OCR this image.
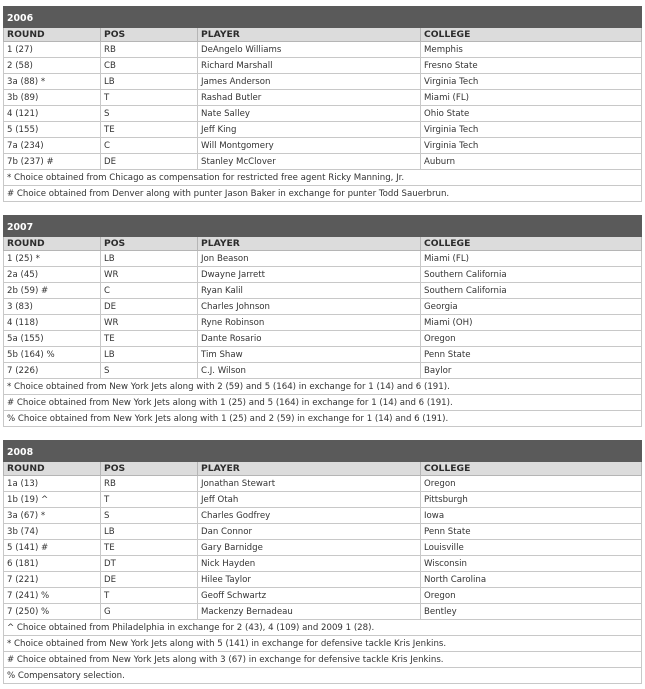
2006			
ROUND	POS	PLAYER	COLLEGE
1 (27)	RB	DeAngelo Williams	Memphis
2 (58)	CB	Richard Marshall	Fresno State
3a (88) *	LB	James Anderson	Virginia Tech
3b (89)	T	Rashad Butler	Miami (FL)
4 (121)	S	Nate Salley	Ohio State
5 (155)	TE	Jeff King	Virginia Tech
7a (234)	C	Will Montgomery	Virginia Tech
7b (237) #	DE	Stanley McClover	Auburn
* Choice obtained from Chicago as compensation for restricted free agent Ricky Manning, Jr.			
# Choice obtained from Denver along with punter Jason Baker in exchange for punter Todd Sauerbrun.			
2007			
ROUND	POS	PLAYER	COLLEGE
1 (25) *	LB	Jon Beason	Miami (FL)
2a (45)	WR	Dwayne Jarrett	Southern California
2b (59) #	C	Ryan Kalil	Southern California
3 (83)	DE	Charles Johnson	Georgia
4 (118)	WR	Ryne Robinson	Miami (OH)
5a (155)	TE	Dante Rosario	Oregon
5b (164) %	LB	Tim Shaw	Penn State
7 (226)	S	C.J. Wilson	Baylor
* Choice obtained from New York Jets along with 2 (59) and 5 (164) in exchange for 1 (14) and 6 (191).			
# Choice obtained from New York Jets along with 1 (25) and 5 (164) in exchange for 1 (14) and 6 (191).			
% Choice obtained from New York Jets along with 1 (25) and 2 (59) in exchange for 1 (14) and 6 (191).			
2008			
ROUND	POS	PLAYER	COLLEGE
1a (13)	RB	Jonathan Stewart	Oregon
1b (19) ^	T	Jeff Otah	Pittsburgh
3a (67) *	S	Charles Godfrey	Iowa
3b (74)	LB	Dan Connor	Penn State
5 (141) #	TE	Gary Barnidge	Louisville
6 (181)	DT	Nick Hayden	Wisconsin
7 (221)	DE	Hilee Taylor	North Carolina
7 (241) %	T	Geoff Schwartz	Oregon
7 (250) %	G	Mackenzy Bernadeau	Bentley
^ Choice obtained from Philadelphia in exchange for 2 (43), 4 (109) and 2009 1 (28).			
* Choice obtained from New York Jets along with 5 (141) in exchange for defensive tackle Kris Jenkins.			
# Choice obtained from New York Jets along with 3 (67) in exchange for defensive tackle Kris Jenkins.			
% Compensatory selection.			
